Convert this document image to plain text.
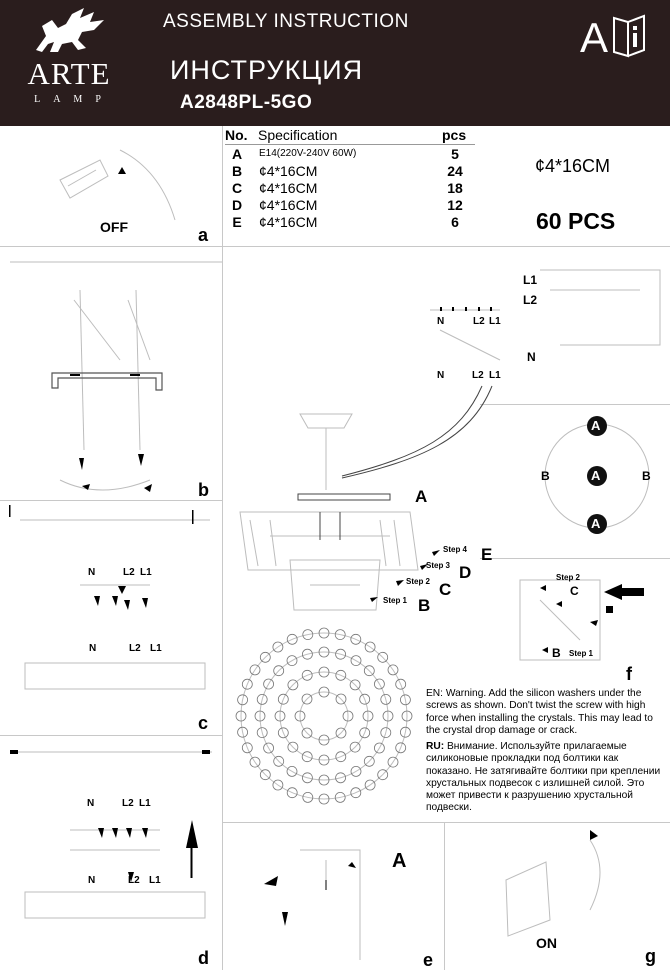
ARTE
LAMP
ASSEMBLY INSTRUCTION
ИНСТРУКЦИЯ
A2848PL-5GO
A
No. Specification	pcs
A	E14(220V-240V 60W)	5
B	¢4*16CM	24
C	¢4*16CM	18
D	¢4*16CM	12
E	¢4*16CM	6
¢4*16CM
60 PCS
a
OFF
b
N	L2 L1
N	L2 L1
c
N	L2 L1
N	L2 L1
d
L1
L2
N
N	L2 L1
N	L2 L1
A
E
D
C
B
Step 4
Step 3
Step 2
Step 1
A
A
A
B	B
Step 2
C
B Step 1
f
EN: Warning. Add the silicon washers under the screws as shown. Don't twist the screw with high force when installing the crystals. This may lead to the crystal drop damage or crack.
RU: Внимание. Используйте прилагаемые силиконовые прокладки под болтики как показано. Не затягивайте болтики при креплении хрустальных подвесок с излишней силой. Это может привести к разрушению хрустальной подвески.
A
e
ON
g
